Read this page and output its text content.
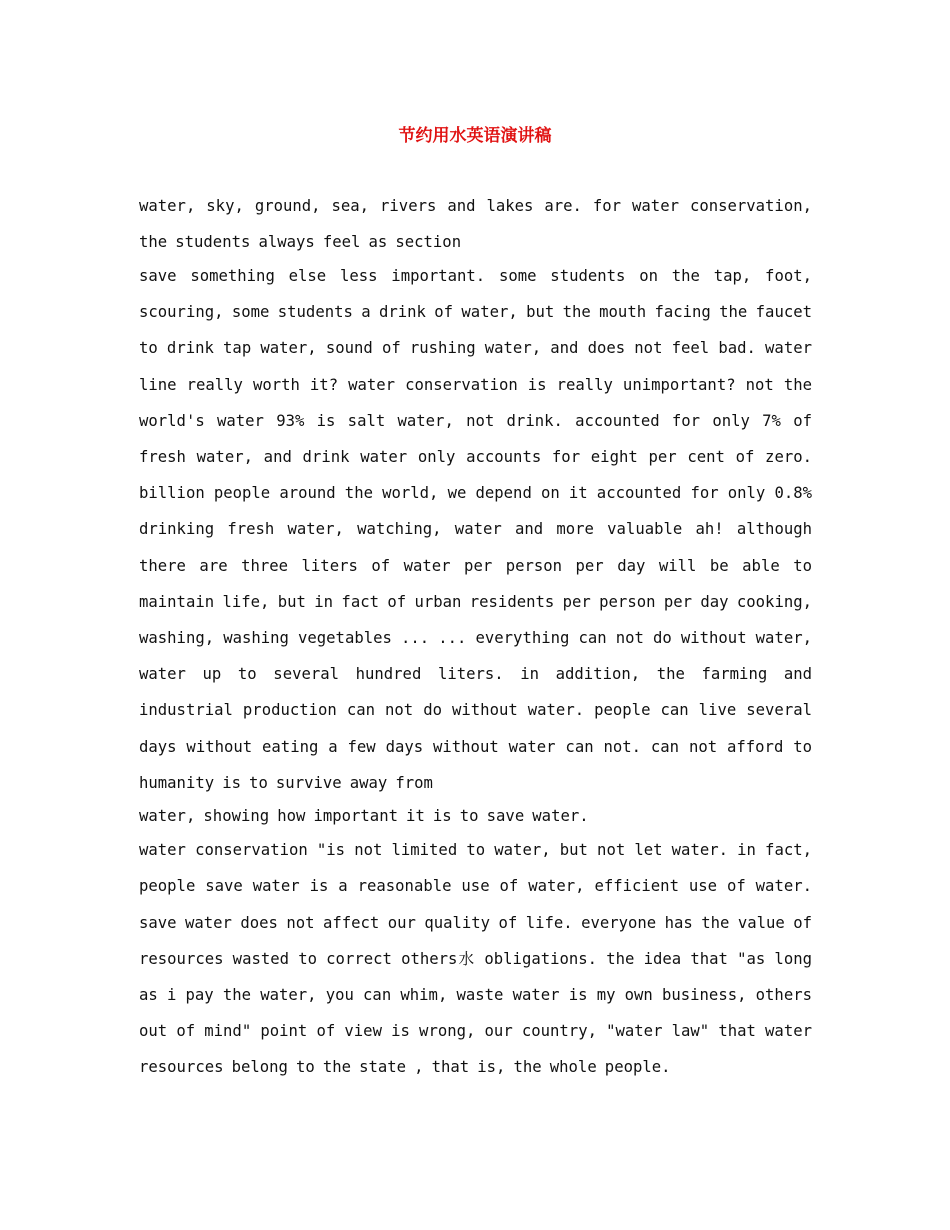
节约用水英语演讲稿

water, sky, ground, sea, rivers and lakes are. for water conservation, the students always feel as section

save something else less important. some students on the tap, foot, scouring, some students a drink of water, but the mouth facing the faucet to drink tap water, sound of rushing water, and does not feel bad. water line really worth it? water conservation is really unimportant? not the world's water 93% is salt water, not drink. accounted for only 7% of fresh water, and drink water only accounts for eight per cent of zero. billion people around the world, we depend on it accounted for only 0.8% drinking fresh water, watching, water and more valuable ah! although there are three liters of water per person per day will be able to maintain life, but in fact of urban residents per person per day cooking, washing, washing vegetables ... ... everything can not do without water, water up to several hundred liters. in addition, the farming and industrial production can not do without water. people can live several days without eating a few days without water can not. can not afford to humanity is to survive away from

water, showing how important it is to save water.

water conservation "is not limited to water, but not let water. in fact, people save water is a reasonable use of water, efficient use of water. save water does not affect our quality of life. everyone has the value of resources wasted to correct others水 obligations. the idea that "as long as i pay the water, you can whim, waste water is my own business, others out of mind" point of view is wrong, our country, "water law" that water resources belong to the state , that is, the whole people.
